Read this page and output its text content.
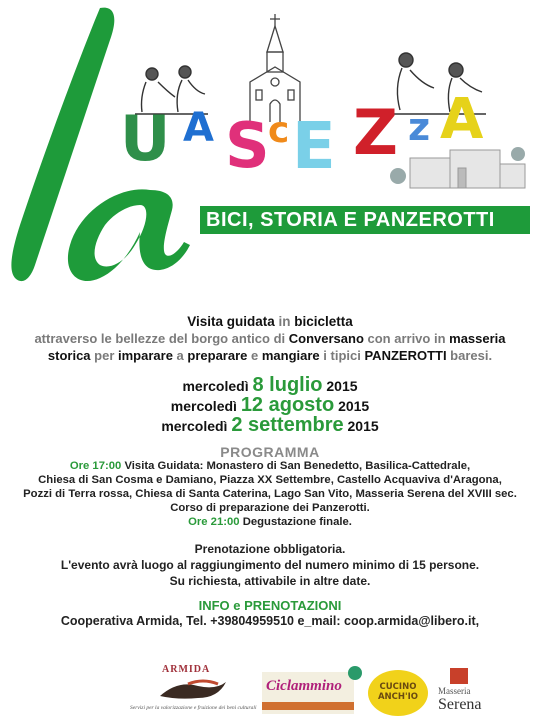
U A S
c E Z z A
BICI, STORIA E PANZEROTTI
Visita guidata in bicicletta
attraverso le bellezze del borgo antico di Conversano con arrivo in masseria
storica per imparare a preparare e mangiare i tipici PANZEROTTI baresi.
mercoledì 8 luglio 2015
mercoledì 12 agosto 2015
mercoledì 2 settembre 2015
PROGRAMMA
Ore 17:00 Visita Guidata: Monastero di San Benedetto, Basilica-Cattedrale,
Chiesa di San Cosma e Damiano, Piazza XX Settembre, Castello Acquaviva d'Aragona,
Pozzi di Terra rossa, Chiesa di Santa Caterina, Lago San Vito, Masseria Serena del XVIII sec.
Corso di preparazione dei Panzerotti.
Ore 21:00 Degustazione finale.
Prenotazione obbligatoria.
L'evento avrà luogo al raggiungimento del numero minimo di 15 persone.
Su richiesta, attivabile in altre date.
INFO e PRENOTAZIONI
Cooperativa Armida, Tel. +39804959510 e_mail: coop.armida@libero.it,
ARMIDA
Servizi per la valorizzazione e fruizione dei beni culturali
Ciclammino	CUCINO ANCH'IO
Masseria
Serena
